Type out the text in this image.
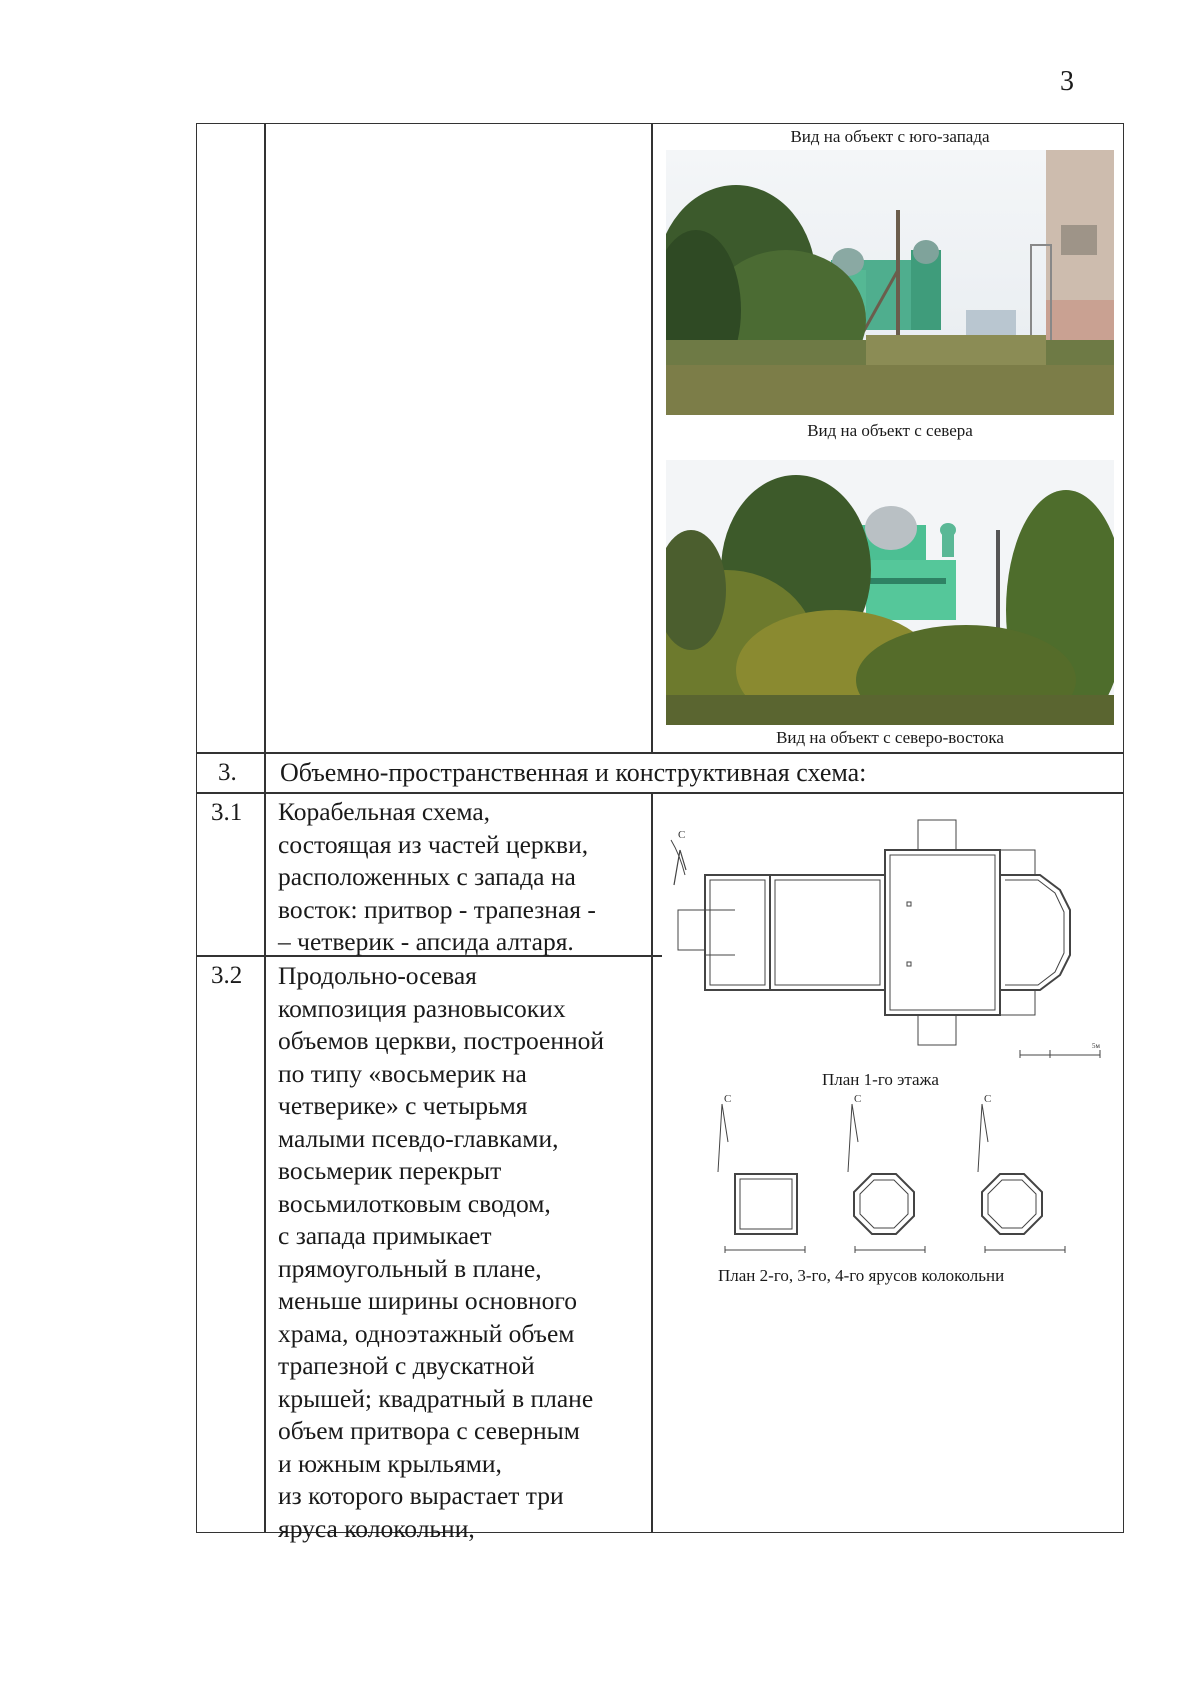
3
Вид на объект с юго-запада
Вид на объект с севера
Вид на объект с северо-востока
3. Объемно-пространственная и конструктивная схема:
3.1 Корабельная схема,
состоящая из частей церкви,
расположенных с запада на
восток: притвор - трапезная -
– четверик - апсида алтаря.
3.2 Продольно-осевая
композиция разновысоких
объемов церкви, построенной
по типу «восьмерик на
четверике» с четырьмя
малыми псевдо-главками,
восьмерик перекрыт
восьмилотковым сводом,
с запада примыкает
прямоугольный в плане,
меньше ширины основного
храма, одноэтажный объем
трапезной с двускатной
крышей; квадратный в плане
объем притвора с северным
и южным крыльями,
из которого вырастает три
яруса колокольни,
С
5м
План 1-го этажа
С	С	С
План 2-го, 3-го, 4-го ярусов колокольни
